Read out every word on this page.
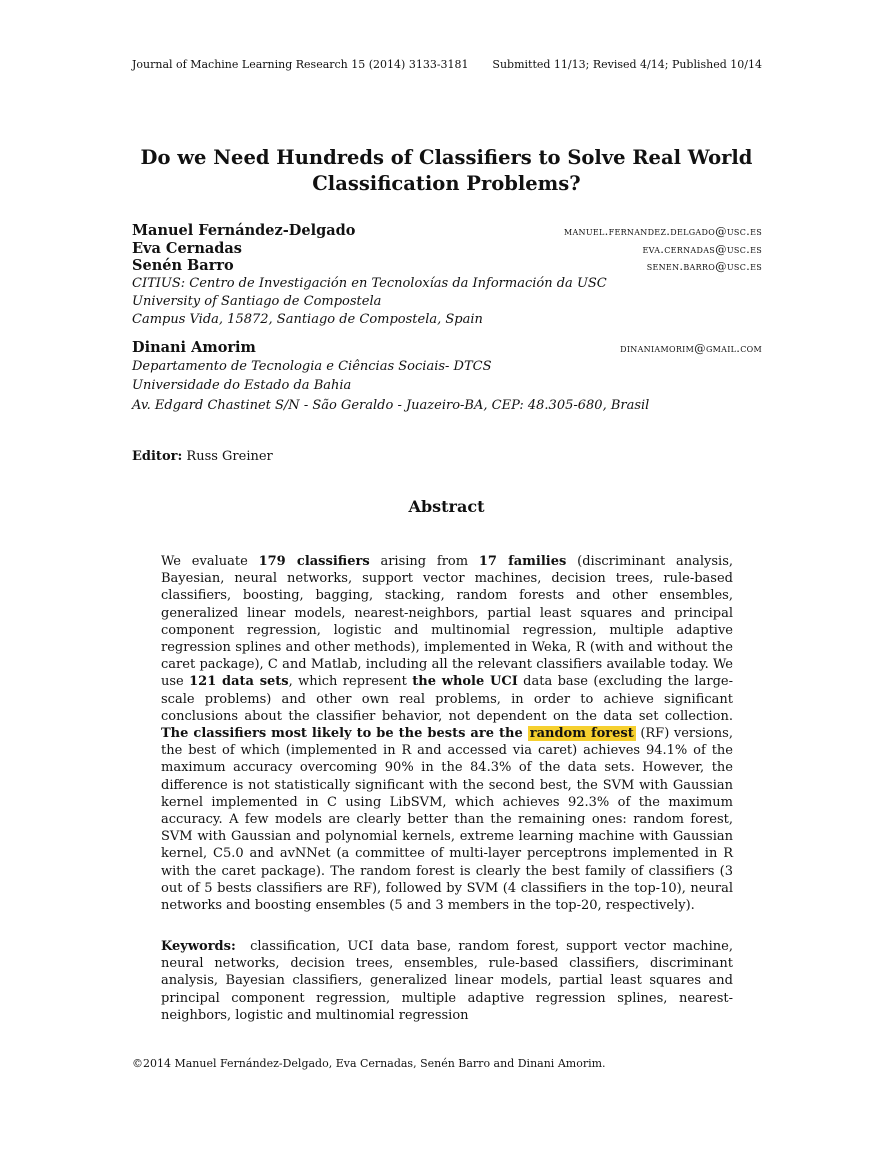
Journal of Machine Learning Research 15 (2014) 3133-3181 Submitted 11/13; Revised 4/14; Published 10/14
Do we Need Hundreds of Classifiers to Solve Real World
Classification Problems?
Manuel Fernández-Delgado	manuel.fernandez.delgado@usc.es
Eva Cernadas	eva.cernadas@usc.es
Senén Barro	senen.barro@usc.es
CITIUS: Centro de Investigación en Tecnoloxías da Información da USC
University of Santiago de Compostela
Campus Vida, 15872, Santiago de Compostela, Spain
Dinani Amorim	dinaniamorim@gmail.com
Departamento de Tecnologia e Ciências Sociais- DTCS
Universidade do Estado da Bahia
Av. Edgard Chastinet S/N - São Geraldo - Juazeiro-BA, CEP: 48.305-680, Brasil
Editor: Russ Greiner
Abstract
We evaluate 179 classifiers arising from 17 families (discriminant analysis, Bayesian, neural networks, support vector machines, decision trees, rule-based classifiers, boosting, bagging, stacking, random forests and other ensembles, generalized linear models, nearest-neighbors, partial least squares and principal component regression, logistic and multinomial regression, multiple adaptive regression splines and other methods), implemented in Weka, R (with and without the caret package), C and Matlab, including all the relevant classifiers available today. We use 121 data sets, which represent the whole UCI data base (excluding the large-scale problems) and other own real problems, in order to achieve significant conclusions about the classifier behavior, not dependent on the data set collection. The classifiers most likely to be the bests are the random forest (RF) versions, the best of which (implemented in R and accessed via caret) achieves 94.1% of the maximum accuracy overcoming 90% in the 84.3% of the data sets. However, the difference is not statistically significant with the second best, the SVM with Gaussian kernel implemented in C using LibSVM, which achieves 92.3% of the maximum accuracy. A few models are clearly better than the remaining ones: random forest, SVM with Gaussian and polynomial kernels, extreme learning machine with Gaussian kernel, C5.0 and avNNet (a committee of multi-layer perceptrons implemented in R with the caret package). The random forest is clearly the best family of classifiers (3 out of 5 bests classifiers are RF), followed by SVM (4 classifiers in the top-10), neural networks and boosting ensembles (5 and 3 members in the top-20, respectively).
Keywords: classification, UCI data base, random forest, support vector machine, neural networks, decision trees, ensembles, rule-based classifiers, discriminant analysis, Bayesian classifiers, generalized linear models, partial least squares and principal component regression, multiple adaptive regression splines, nearest-neighbors, logistic and multinomial regression
©2014 Manuel Fernández-Delgado, Eva Cernadas, Senén Barro and Dinani Amorim.
